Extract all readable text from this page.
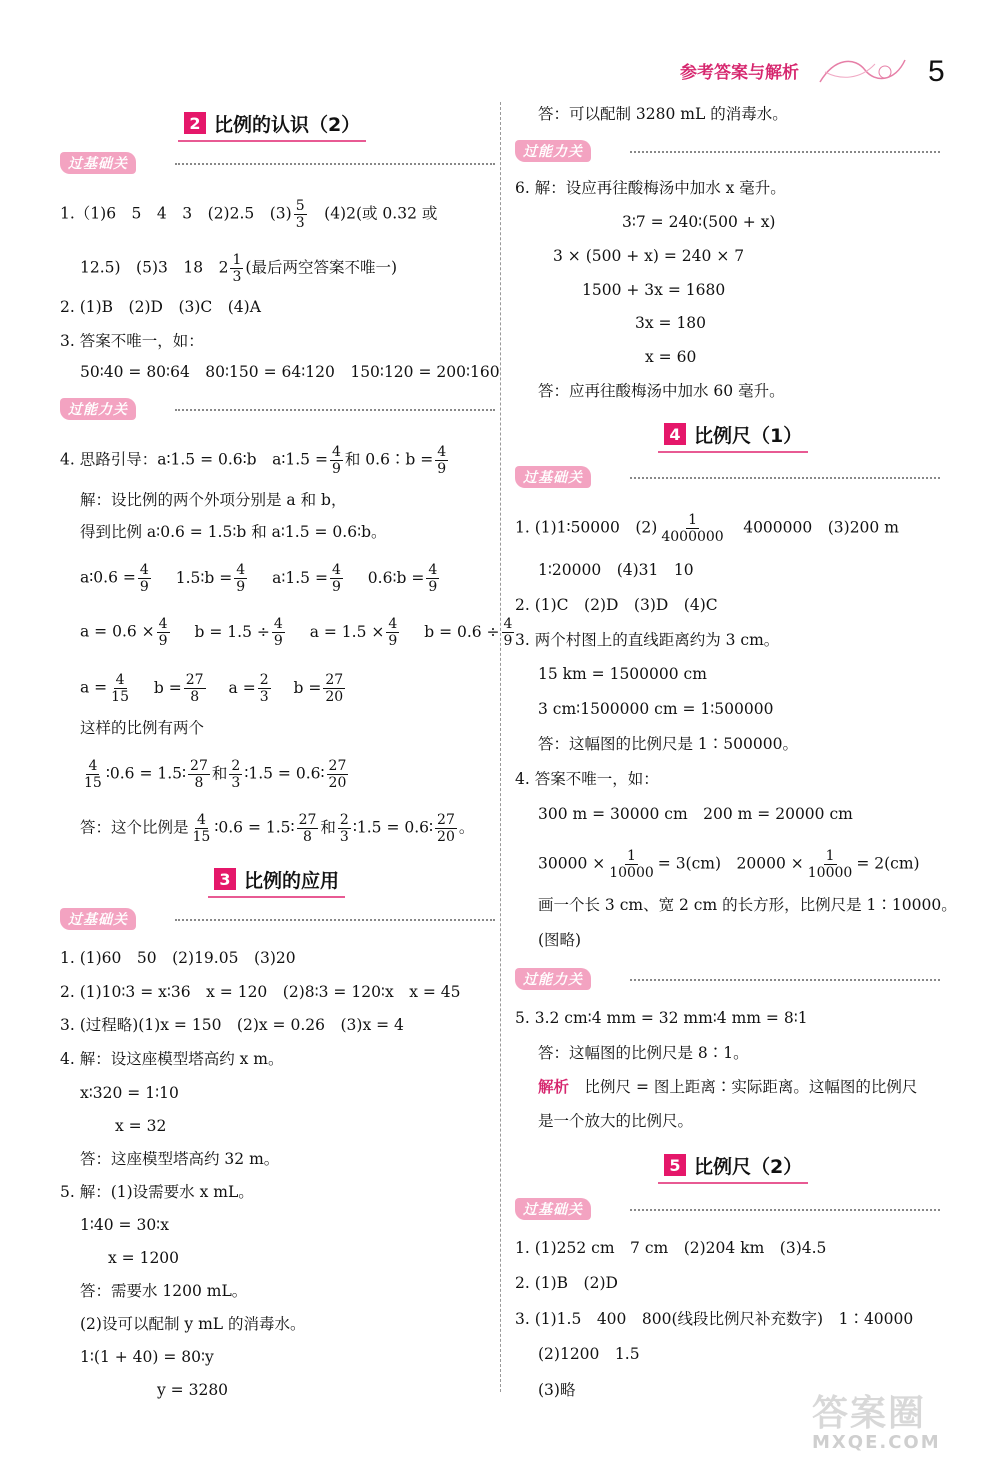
参考答案与解析	5
2 比例的认识（2）
过基础关
1.（1)6　5　4　3　(2)2.5　$(3) \frac{5}{3}$ 　(4)2(或 0.32 或
12.5)　(5)3　18　$2 \frac{1}{3}$ (最后两空答案不唯一)
2. (1)B　(2)D　(3)C　(4)A
3. 答案不唯一，如：
50∶40 = 80∶64　80∶150 = 64∶120　150∶120 = 200∶160
过能力关
4. 思路引导：a∶1.5 = 0.6∶b　a∶1.5 = $\frac{4}{9}$ 和 0.6∶b = $\frac{4}{9}$
解：设比例的两个外项分别是 a 和 b，
得到比例 a∶0.6 = 1.5∶b 和 a∶1.5 = 0.6∶b。
a∶0.6 = $\frac{4}{9}$ 1.5∶b = $\frac{4}{9}$ a∶1.5 = $\frac{4}{9}$ 0.6∶b = $\frac{4}{9}$
$a = 0.6 \times \frac{4}{9}$ $b = 1.5 \div \frac{4}{9}$ $a = 1.5 \times \frac{4}{9}$ $b = 0.6 \div \frac{4}{9}$
$a = \frac{4}{15}$ $b = \frac{27}{8}$ $a = \frac{2}{3}$ $b = \frac{27}{20}$
这样的比例有两个
$\frac{4}{15}$ ∶0.6 = 1.5∶ $\frac{27}{8}$ 和 $\frac{2}{3}$ ∶1.5 = 0.6∶ $\frac{27}{20}$
答：这个比例是 $\frac{4}{15}$ ∶0.6 = 1.5∶ $\frac{27}{8}$ 和 $\frac{2}{3}$ ∶1.5 = 0.6∶ $\frac{27}{20}$ 。
3 比例的应用
过基础关
1. (1)60　50　(2)19.05　(3)20
2. (1)10∶3 = x∶36　x = 120　(2)8∶3 = 120∶x　x = 45
3. (过程略)(1)x = 150　(2)x = 0.26　(3)x = 4
4. 解：设这座模型塔高约 x m。
x∶320 = 1∶10
x = 32
答：这座模型塔高约 32 m。
5. 解：(1)设需要水 x mL。
1∶40 = 30∶x
x = 1200
答：需要水 1200 mL。
(2)设可以配制 y mL 的消毒水。
1∶(1 + 40) = 80∶y
y = 3280
答：可以配制 3280 mL 的消毒水。
过能力关
6. 解：设应再往酸梅汤中加水 x 毫升。
3∶7 = 240∶(500 + x)
3 × (500 + x) = 240 × 7
1500 + 3x = 1680
3x = 180
x = 60
答：应再往酸梅汤中加水 60 毫升。
4 比例尺（1）
过基础关
1. (1)1∶50000　$(2) \frac{1}{4000000}$ 　4000000　(3)200 m
1∶20000　(4)31　10
2. (1)C　(2)D　(3)D　(4)C
3. 两个村图上的直线距离约为 3 cm。
15 km = 1500000 cm
3 cm∶1500000 cm = 1∶500000
答：这幅图的比例尺是 1∶500000。
4. 答案不唯一，如：
300 m = 30000 cm　200 m = 20000 cm
$30000 \times \frac{1}{10000} = 3(cm)$　$20000 \times \frac{1}{10000} = 2(cm)$
画一个长 3 cm、宽 2 cm 的长方形，比例尺是 1∶10000。
(图略)
过能力关
5. 3.2 cm∶4 mm = 32 mm∶4 mm = 8∶1
答：这幅图的比例尺是 8∶1。
解析　比例尺 = 图上距离∶实际距离。这幅图的比例尺
是一个放大的比例尺。
5 比例尺（2）
过基础关
1. (1)252 cm　7 cm　(2)204 km　(3)4.5
2. (1)B　(2)D
3. (1)1.5　400　800(线段比例尺补充数字)　1∶40000
(2)1200　1.5
(3)略
答案圈
MXQE.COM
